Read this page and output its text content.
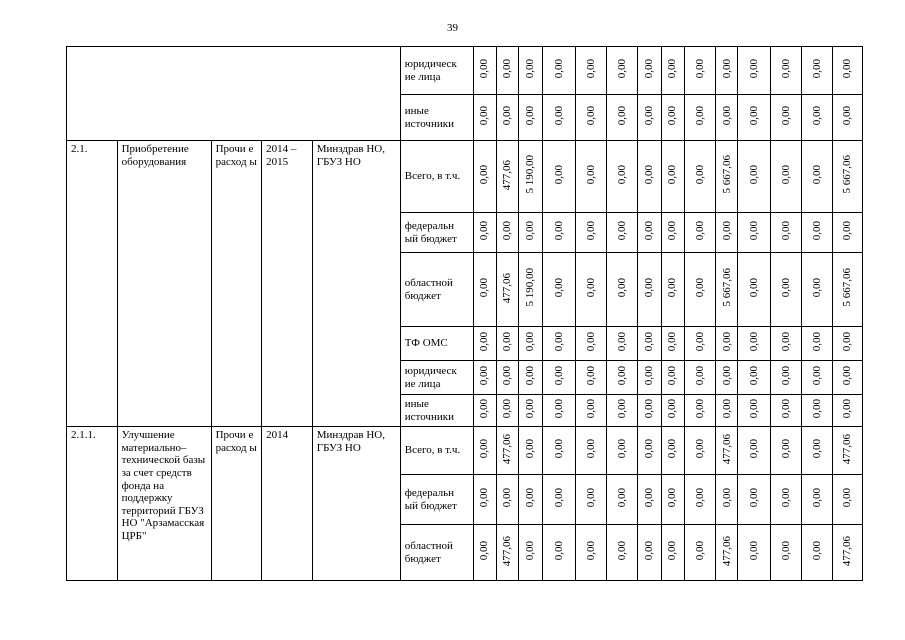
39
					юридическ ие лица	0,00	0,00	0,00	0,00	0,00	0,00	0,00	0,00	0,00	0,00	0,00	0,00	0,00	0,00
					иные источники	0,00	0,00	0,00	0,00	0,00	0,00	0,00	0,00	0,00	0,00	0,00	0,00	0,00	0,00
2.1.	Приобретение оборудования	Прочи е расход ы	2014 – 2015	Минздрав НО, ГБУЗ НО	Всего, в т.ч.	0,00	477,06	5 190,00	0,00	0,00	0,00	0,00	0,00	0,00	5 667,06	0,00	0,00	0,00	5 667,06
					федеральн ый бюджет	0,00	0,00	0,00	0,00	0,00	0,00	0,00	0,00	0,00	0,00	0,00	0,00	0,00	0,00
					областной бюджет	0,00	477,06	5 190,00	0,00	0,00	0,00	0,00	0,00	0,00	5 667,06	0,00	0,00	0,00	5 667,06
					ТФ ОМС	0,00	0,00	0,00	0,00	0,00	0,00	0,00	0,00	0,00	0,00	0,00	0,00	0,00	0,00
					юридическ ие лица	0,00	0,00	0,00	0,00	0,00	0,00	0,00	0,00	0,00	0,00	0,00	0,00	0,00	0,00
					иные источники	0,00	0,00	0,00	0,00	0,00	0,00	0,00	0,00	0,00	0,00	0,00	0,00	0,00	0,00
2.1.1.	Улучшение материально– технической базы за счет средств фонда на поддержку территорий ГБУЗ НО "Арзамасская ЦРБ"	Прочи е расход ы	2014	Минздрав НО, ГБУЗ НО	Всего, в т.ч.	0,00	477,06	0,00	0,00	0,00	0,00	0,00	0,00	0,00	477,06	0,00	0,00	0,00	477,06
					федеральн ый бюджет	0,00	0,00	0,00	0,00	0,00	0,00	0,00	0,00	0,00	0,00	0,00	0,00	0,00	0,00
					областной бюджет	0,00	477,06	0,00	0,00	0,00	0,00	0,00	0,00	0,00	477,06	0,00	0,00	0,00	477,06
